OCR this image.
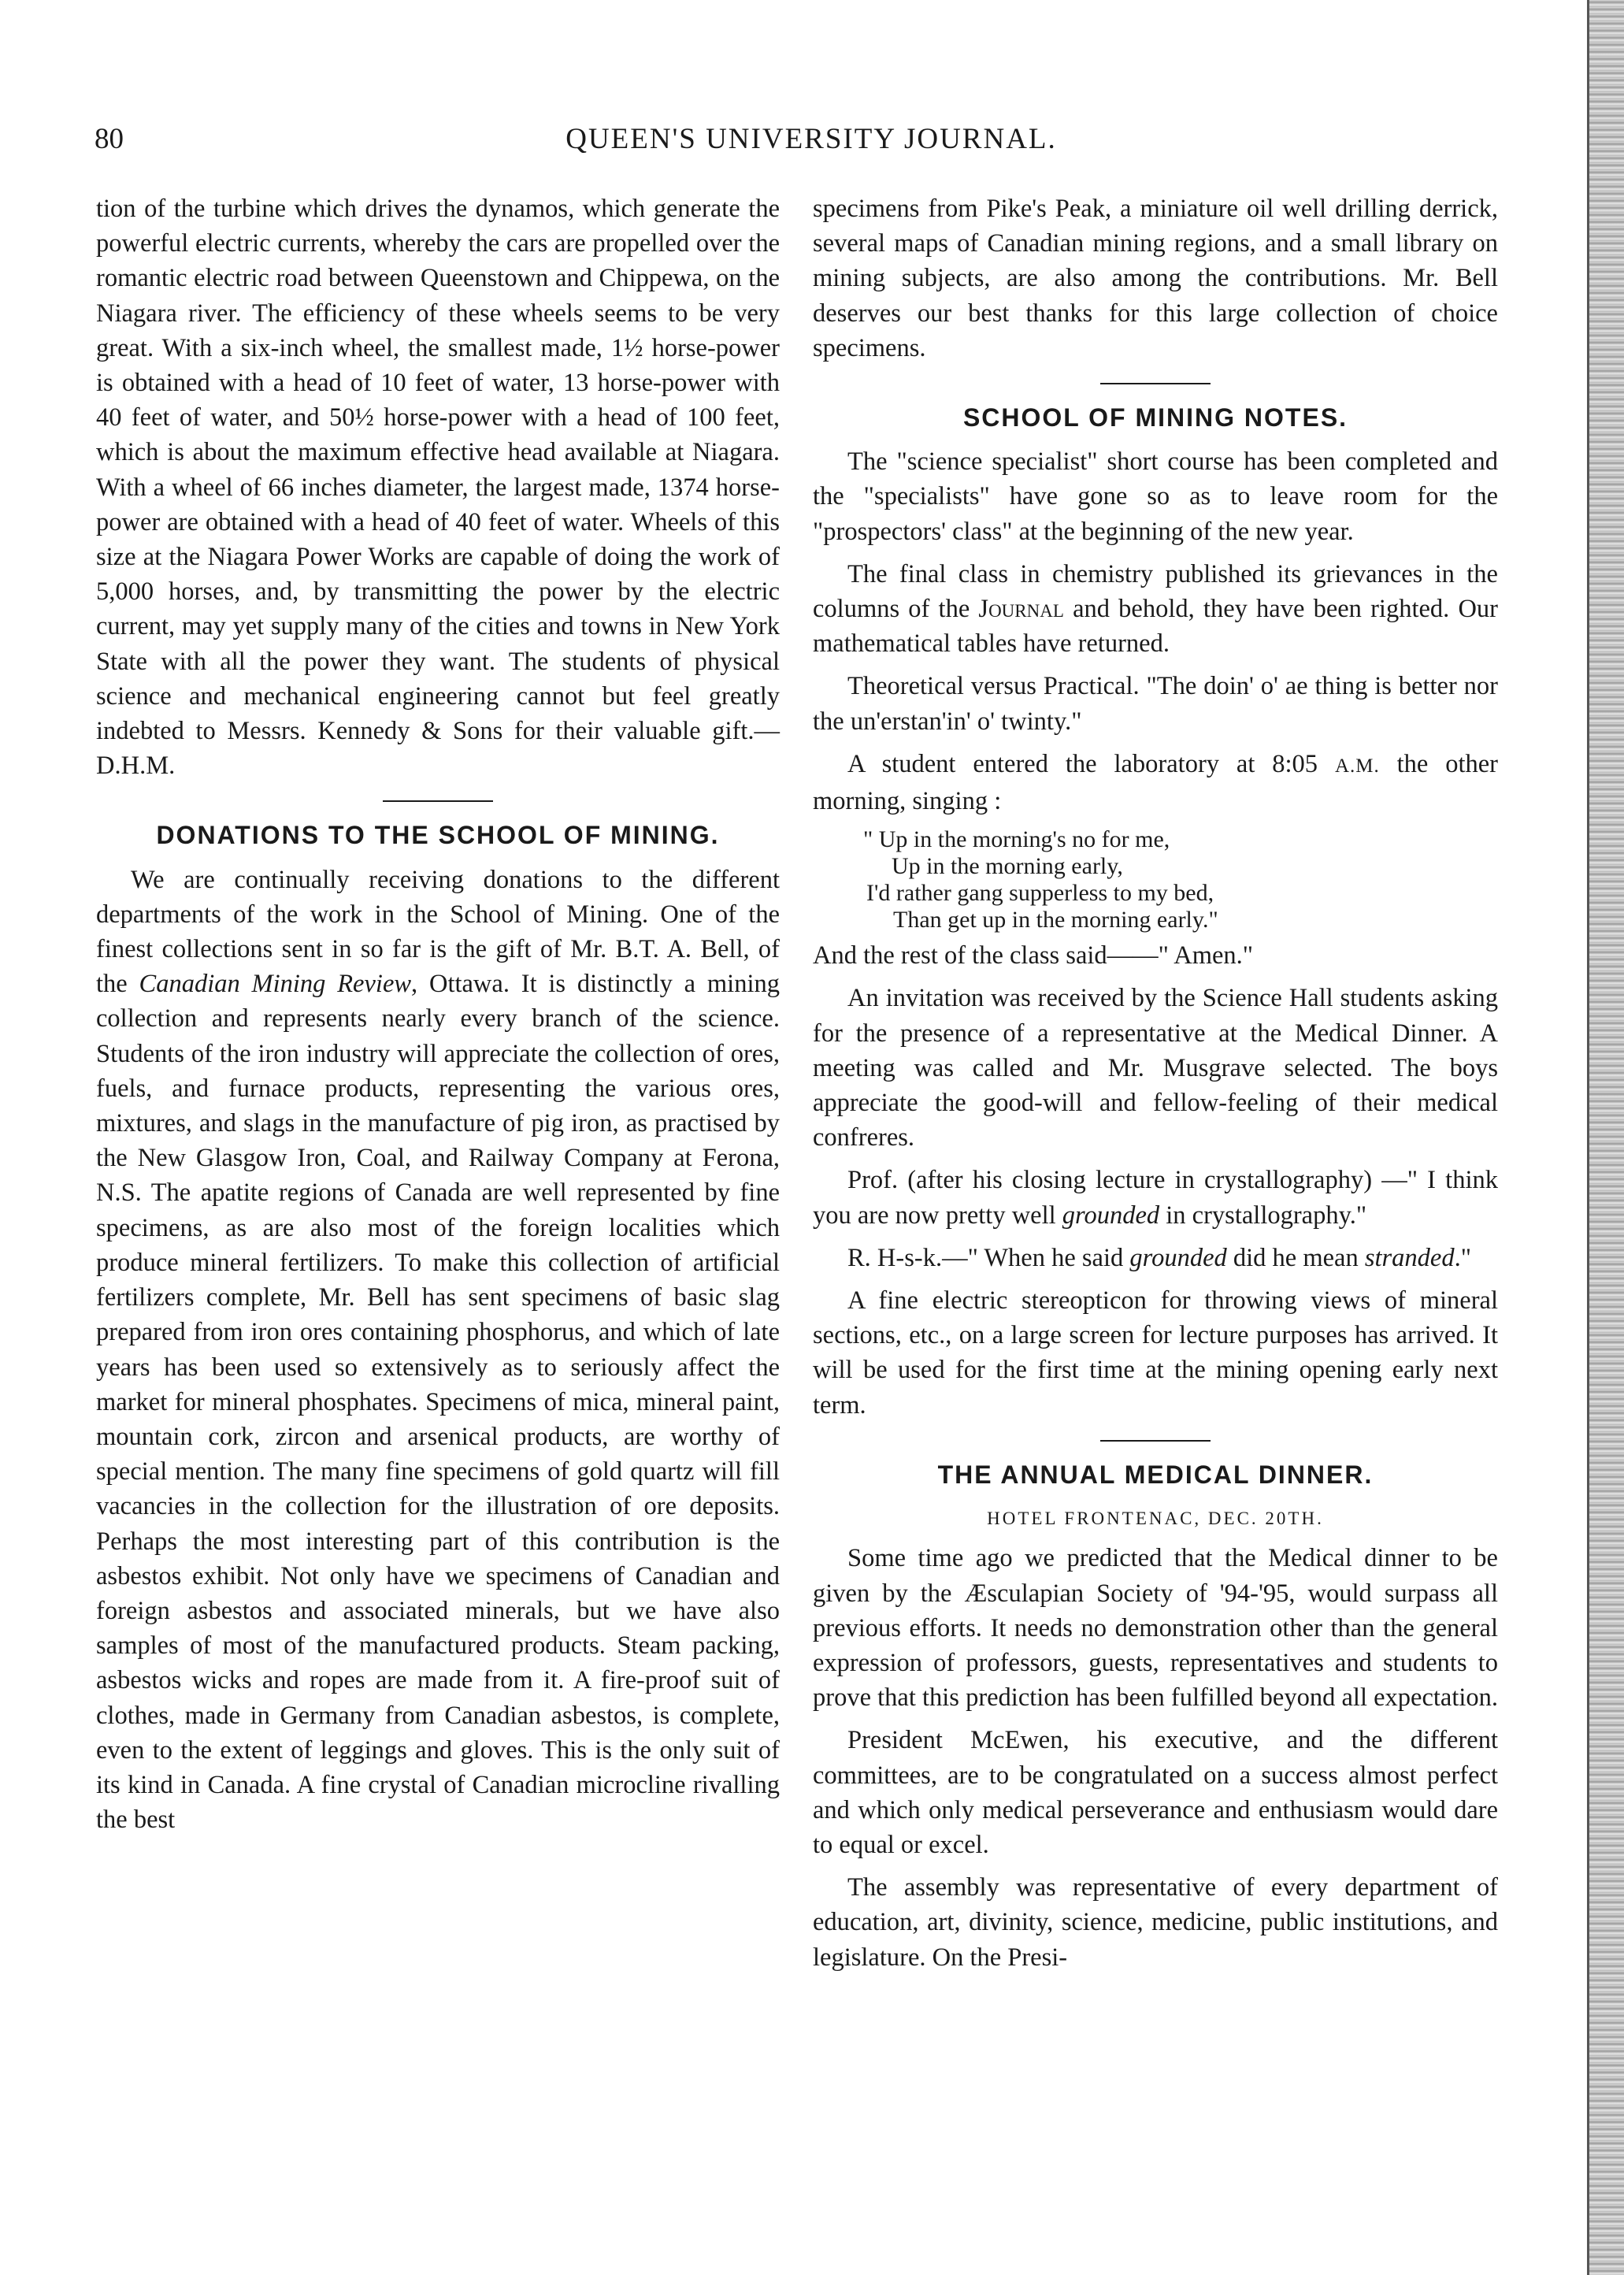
80	QUEEN'S UNIVERSITY JOURNAL.

tion of the turbine which drives the dynamos, which generate the powerful electric currents, whereby the cars are propelled over the romantic electric road between Queenstown and Chippewa, on the Niagara river. The efficiency of these wheels seems to be very great. With a six-inch wheel, the smallest made, 1½ horse-power is obtained with a head of 10 feet of water, 13 horse-power with 40 feet of water, and 50½ horse-power with a head of 100 feet, which is about the maximum effective head available at Niagara. With a wheel of 66 inches diameter, the largest made, 1374 horse-power are obtained with a head of 40 feet of water. Wheels of this size at the Niagara Power Works are capable of doing the work of 5,000 horses, and, by transmitting the power by the electric current, may yet supply many of the cities and towns in New York State with all the power they want. The students of physical science and mechanical engineering cannot but feel greatly indebted to Messrs. Kennedy & Sons for their valuable gift.—D.H.M.

DONATIONS TO THE SCHOOL OF MINING.

We are continually receiving donations to the different departments of the work in the School of Mining. One of the finest collections sent in so far is the gift of Mr. B.T. A. Bell, of the Canadian Mining Review, Ottawa. It is distinctly a mining collection and represents nearly every branch of the science. Students of the iron industry will appreciate the collection of ores, fuels, and furnace products, representing the various ores, mixtures, and slags in the manufacture of pig iron, as practised by the New Glasgow Iron, Coal, and Railway Company at Ferona, N.S. The apatite regions of Canada are well represented by fine specimens, as are also most of the foreign localities which produce mineral fertilizers. To make this collection of artificial fertilizers complete, Mr. Bell has sent specimens of basic slag prepared from iron ores containing phosphorus, and which of late years has been used so extensively as to seriously affect the market for mineral phosphates. Specimens of mica, mineral paint, mountain cork, zircon and arsenical products, are worthy of special mention. The many fine specimens of gold quartz will fill vacancies in the collection for the illustration of ore deposits. Perhaps the most interesting part of this contribution is the asbestos exhibit. Not only have we specimens of Canadian and foreign asbestos and associated minerals, but we have also samples of most of the manufactured products. Steam packing, asbestos wicks and ropes are made from it. A fire-proof suit of clothes, made in Germany from Canadian asbestos, is complete, even to the extent of leggings and gloves. This is the only suit of its kind in Canada. A fine crystal of Canadian microcline rivalling the best

specimens from Pike's Peak, a miniature oil well drilling derrick, several maps of Canadian mining regions, and a small library on mining subjects, are also among the contributions. Mr. Bell deserves our best thanks for this large collection of choice specimens.

SCHOOL OF MINING NOTES.

The "science specialist" short course has been completed and the "specialists" have gone so as to leave room for the "prospectors' class" at the beginning of the new year.

The final class in chemistry published its grievances in the columns of the Journal and behold, they have been righted. Our mathematical tables have returned.

Theoretical versus Practical. "The doin' o' ae thing is better nor the un'erstan'in' o' twinty."

A student entered the laboratory at 8:05 A.M. the other morning, singing :

" Up in the morning's no for me,
Up in the morning early,
I'd rather gang supperless to my bed,
Than get up in the morning early."

And the rest of the class said——" Amen."

An invitation was received by the Science Hall students asking for the presence of a representative at the Medical Dinner. A meeting was called and Mr. Musgrave selected. The boys appreciate the good-will and fellow-feeling of their medical confreres.

Prof. (after his closing lecture in crystallography) —" I think you are now pretty well grounded in crystallography."

R. H-s-k.—" When he said grounded did he mean stranded."

A fine electric stereopticon for throwing views of mineral sections, etc., on a large screen for lecture purposes has arrived. It will be used for the first time at the mining opening early next term.

THE ANNUAL MEDICAL DINNER.
HOTEL FRONTENAC, DEC. 20TH.

Some time ago we predicted that the Medical dinner to be given by the Æsculapian Society of '94-'95, would surpass all previous efforts. It needs no demonstration other than the general expression of professors, guests, representatives and students to prove that this prediction has been fulfilled beyond all expectation.

President McEwen, his executive, and the different committees, are to be congratulated on a success almost perfect and which only medical perseverance and enthusiasm would dare to equal or excel.

The assembly was representative of every department of education, art, divinity, science, medicine, public institutions, and legislature. On the Presi-
